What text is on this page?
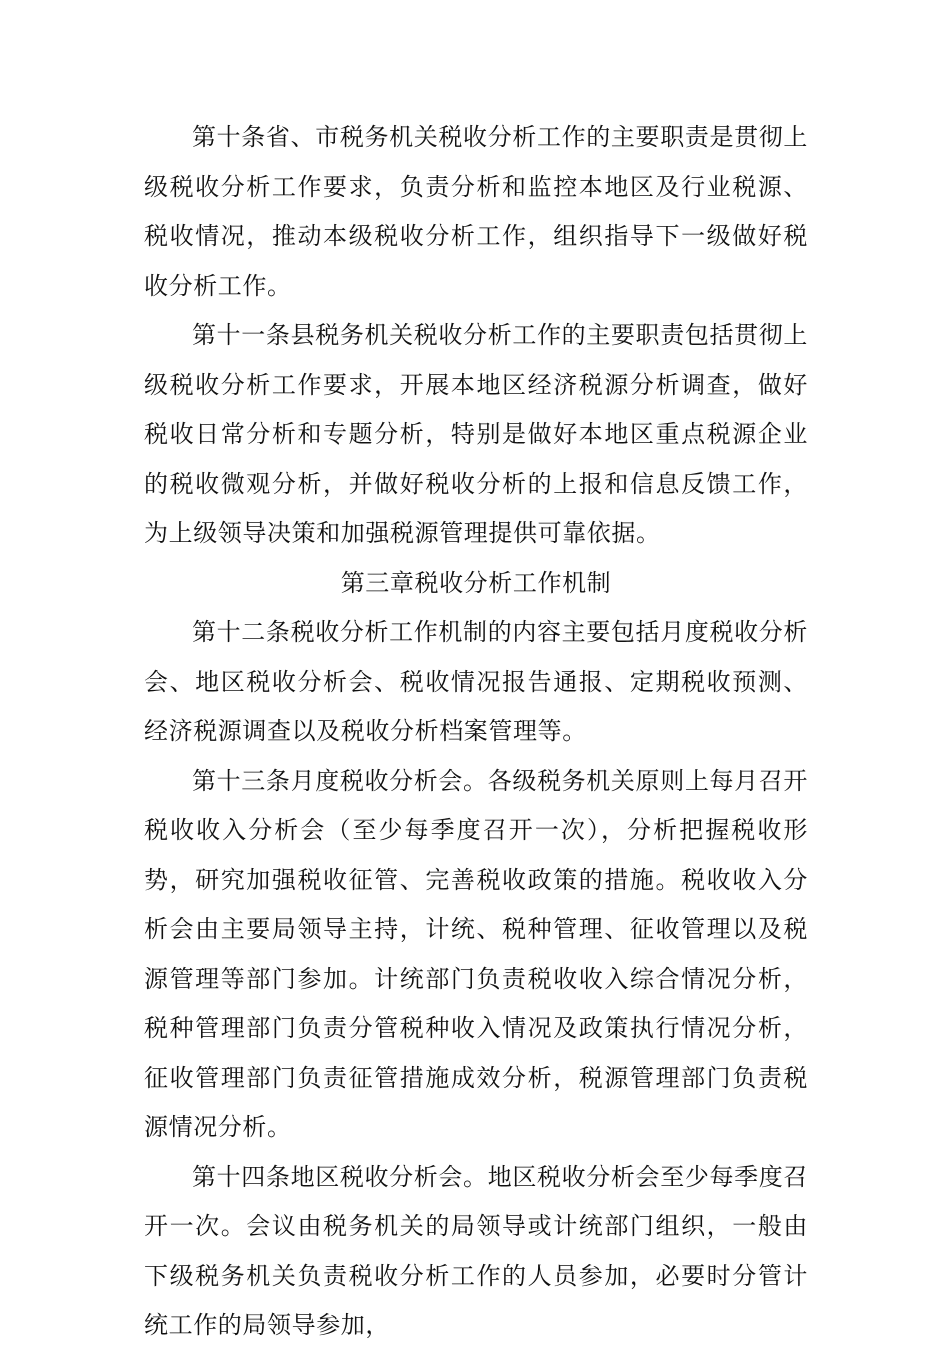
第十条省、市税务机关税收分析工作的主要职责是贯彻上级税收分析工作要求，负责分析和监控本地区及行业税源、税收情况，推动本级税收分析工作，组织指导下一级做好税收分析工作。

第十一条县税务机关税收分析工作的主要职责包括贯彻上级税收分析工作要求，开展本地区经济税源分析调查，做好税收日常分析和专题分析，特别是做好本地区重点税源企业的税收微观分析，并做好税收分析的上报和信息反馈工作，为上级领导决策和加强税源管理提供可靠依据。

第三章税收分析工作机制

第十二条税收分析工作机制的内容主要包括月度税收分析会、地区税收分析会、税收情况报告通报、定期税收预测、经济税源调查以及税收分析档案管理等。

第十三条月度税收分析会。各级税务机关原则上每月召开税收收入分析会（至少每季度召开一次），分析把握税收形势，研究加强税收征管、完善税收政策的措施。税收收入分析会由主要局领导主持，计统、税种管理、征收管理以及税源管理等部门参加。计统部门负责税收收入综合情况分析，税种管理部门负责分管税种收入情况及政策执行情况分析，征收管理部门负责征管措施成效分析，税源管理部门负责税源情况分析。

第十四条地区税收分析会。地区税收分析会至少每季度召开一次。会议由税务机关的局领导或计统部门组织，一般由下级税务机关负责税收分析工作的人员参加，必要时分管计统工作的局领导参加，
